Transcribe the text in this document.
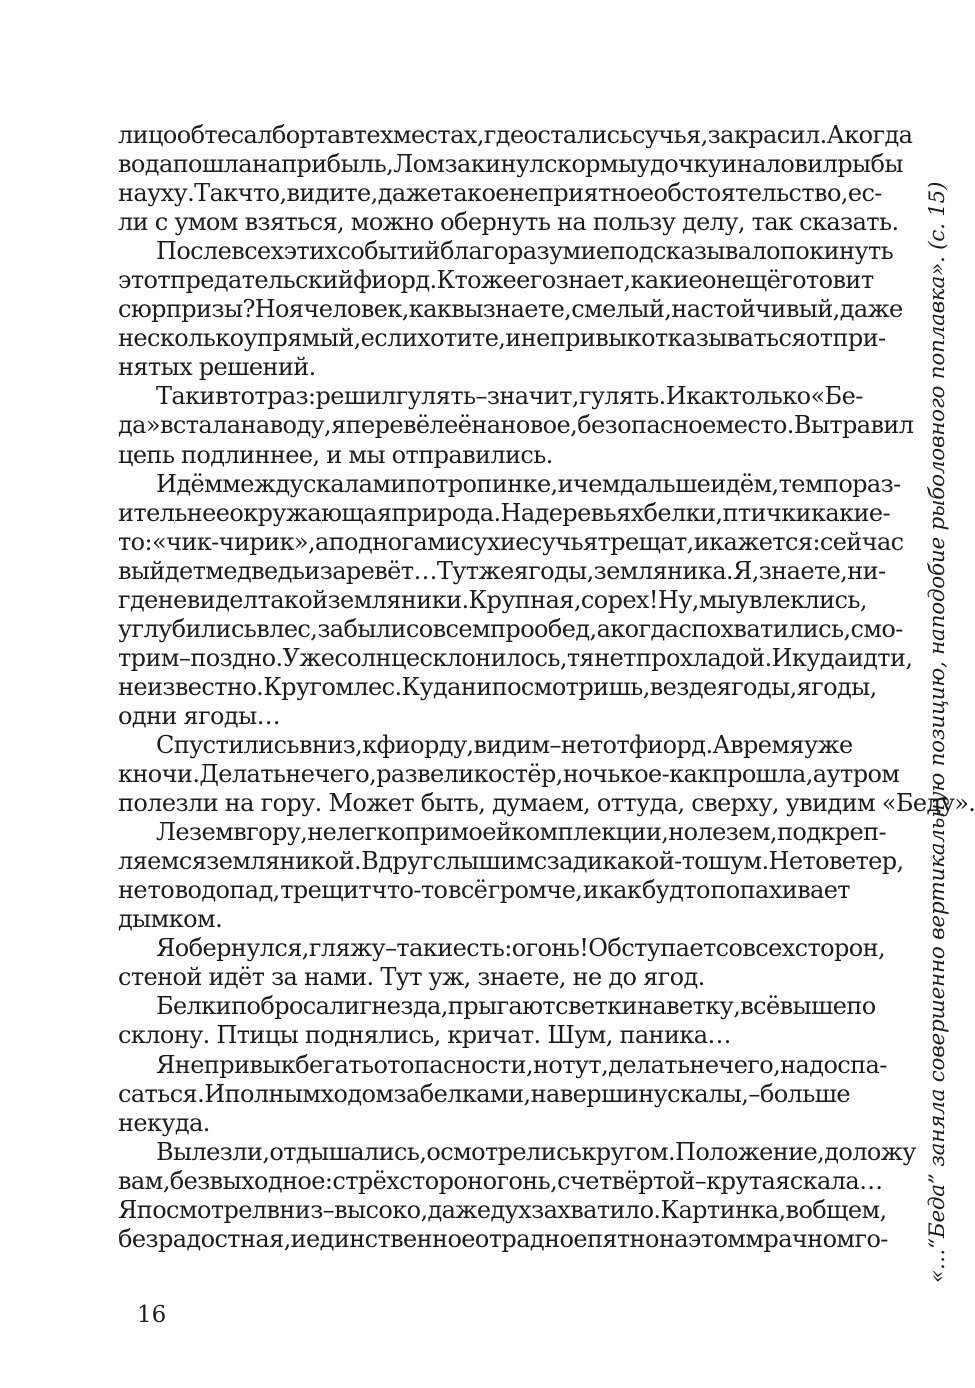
лицо обтесал борта в тех местах, где остались сучья, закрасил. А когда
вода пошла на прибыль, Лом закинул с кормы удочку и наловил рыбы
на уху. Так что, видите, даже такое неприятное обстоятельство, ес-
ли с умом взяться, можно обернуть на пользу делу, так сказать.
После всех этих событий благоразумие подсказывало покинуть
этот предательский фиорд. Кто же его знает, какие он ещё готовит
сюрпризы? Но я человек, как вы знаете, смелый, настойчивый, даже
несколько упрямый, если хотите, и не привык отказываться от при-
нятых решений.
Так и в тот раз: решил гулять – значит, гулять. И как только «Бе-
да» встала на воду, я перевёл её на новое, безопасное место. Вытравил
цепь подлиннее, и мы отправились.
Идём между скалами по тропинке, и чем дальше идём, тем пораз-
ительнее окружающая природа. На деревьях белки, птички какие-
то: «чик-чирик», а под ногами сухие сучья трещат, и кажется: сейчас
выйдет медведь и заревёт… Тут же ягоды, земляника. Я, знаете, ни-
где не видел такой земляники. Крупная, с орех! Ну, мы увлеклись,
углубились в лес, забыли совсем про обед, а когда спохватились, смо-
трим – поздно. Уже солнце склонилось, тянет прохладой. И куда идти,
неизвестно. Кругом лес. Куда ни посмотришь, везде ягоды, ягоды,
одни ягоды…
Спустились вниз, к фиорду, видим – не тот фиорд. А время уже
к ночи. Делать нечего, развели костёр, ночь кое-как прошла, а утром
полезли на гору. Может быть, думаем, оттуда, сверху, увидим «Беду».
Лезем в гору, нелегко при моей комплекции, но лезем, подкреп-
ляемся земляникой. Вдруг слышим сзади какой-то шум. Не то ветер,
не то водопад, трещит что-то всё громче, и как будто попахивает
дымком.
Я обернулся, гляжу – так и есть: огонь! Обступает со всех сторон,
стеной идёт за нами. Тут уж, знаете, не до ягод.
Белки побросали гнезда, прыгают с ветки на ветку, всё выше по
склону. Птицы поднялись, кричат. Шум, паника…
Я не привык бегать от опасности, но тут, делать нечего, надо спа-
саться. И полным ходом за белками, на вершину скалы, – больше
некуда.
Вылезли, отдышались, осмотрелись кругом. Положение, доложу
вам, безвыходное: с трёх сторон огонь, с четвёртой – крутая скала…
Я посмотрел вниз – высоко, даже дух захватило. Картинка, в общем,
безрадостная, и единственное отрадное пятно на этом мрачном го- «…“Беда” заняла совершенно вертикальную позицию, наподобие рыболовного поплавка». (с. 15)
16
